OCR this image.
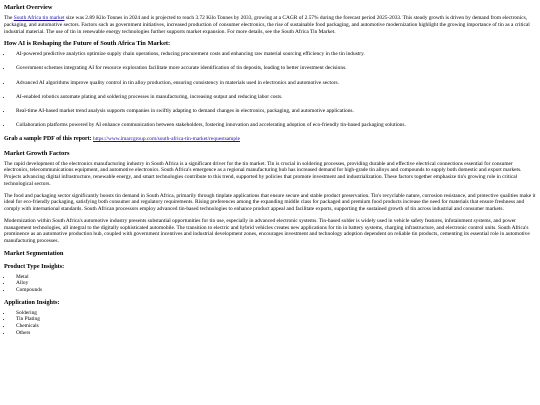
Market Overview

The South Africa tin market size was 2.89 Kilo Tonnes in 2024 and is projected to reach 3.72 Kilo Tonnes by 2033, growing at a CAGR of 2.57% during the forecast period 2025-2033. This steady growth is driven by demand from electronics, packaging, and automotive sectors. Factors such as government initiatives, increased production of consumer electronics, the rise of sustainable food packaging, and automotive modernization highlight the growing importance of tin as a critical industrial material. The use of tin in renewable energy technologies further supports market expansion. For more details, see the South Africa Tin Market.

How AI is Reshaping the Future of South Africa Tin Market:
• AI-powered predictive analytics optimize supply chain operations, reducing procurement costs and enhancing raw material sourcing efficiency in the tin industry.
• Government schemes integrating AI for resource exploration facilitate more accurate identification of tin deposits, leading to better investment decisions.
• Advanced AI algorithms improve quality control in tin alloy production, ensuring consistency in materials used in electronics and automotive sectors.
• AI-enabled robotics automate plating and soldering processes in manufacturing, increasing output and reducing labor costs.
• Real-time AI-based market trend analysis supports companies in swiftly adapting to demand changes in electronics, packaging, and automotive applications.
• Collaboration platforms powered by AI enhance communication between stakeholders, fostering innovation and accelerating adoption of eco-friendly tin-based packaging solutions.

Grab a sample PDF of this report: https://www.imarcgroup.com/south-africa-tin-market/requestsample

Market Growth Factors

The rapid development of the electronics manufacturing industry in South Africa is a significant driver for the tin market. Tin is crucial in soldering processes, providing durable and effective electrical connections essential for consumer electronics, telecommunications equipment, and automotive electronics. South Africa's emergence as a regional manufacturing hub has increased demand for high-grade tin alloys and compounds to supply both domestic and export markets. Projects advancing digital infrastructure, renewable energy, and smart technologies contribute to this trend, supported by policies that promote investment and industrialization. These factors together emphasize tin's growing role in critical technological sectors.

The food and packaging sector significantly boosts tin demand in South Africa, primarily through tinplate applications that ensure secure and stable product preservation. Tin's recyclable nature, corrosion resistance, and protective qualities make it ideal for eco-friendly packaging, satisfying both consumer and regulatory requirements. Rising preferences among the expanding middle class for packaged and premium food products increase the need for materials that ensure freshness and comply with international standards. South African processors employ advanced tin-based technologies to enhance product appeal and facilitate exports, supporting the sustained growth of tin across industrial and consumer markets.

Modernization within South Africa's automotive industry presents substantial opportunities for tin use, especially in advanced electronic systems. Tin-based solder is widely used in vehicle safety features, infotainment systems, and power management technologies, all integral to the digitally sophisticated automobile. The transition to electric and hybrid vehicles creates new applications for tin in battery systems, charging infrastructure, and electronic control units. South Africa's prominence as an automotive production hub, coupled with government incentives and industrial development zones, encourages investment and technology adoption dependent on reliable tin products, cementing its essential role in automotive manufacturing processes.

Market Segmentation
Product Type Insights:
• Metal
• Alloy
• Compounds
Application Insights:
• Soldering
• Tin Plating
• Chemicals
• Others
